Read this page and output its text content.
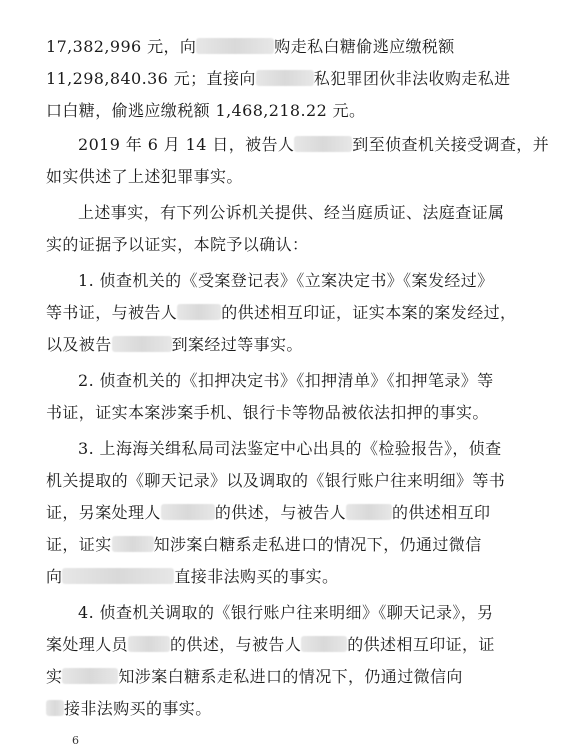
17,382,996 元，向	购走私白糖偷逃应缴税额
11,298,840.36 元；直接向	私犯罪团伙非法收购走私进
口白糖，偷逃应缴税额 1,468,218.22 元。
2019 年 6 月 14 日，被告人	到至侦查机关接受调查，并
如实供述了上述犯罪事实。
上述事实，有下列公诉机关提供、经当庭质证、法庭查证属
实的证据予以证实，本院予以确认：
1. 侦查机关的《受案登记表》《立案决定书》《案发经过》
等书证，与被告人	的供述相互印证，证实本案的案发经过，
以及被告	到案经过等事实。
2. 侦查机关的《扣押决定书》《扣押清单》《扣押笔录》等
书证，证实本案涉案手机、银行卡等物品被依法扣押的事实。
3. 上海海关缉私局司法鉴定中心出具的《检验报告》，侦查
机关提取的《聊天记录》以及调取的《银行账户往来明细》等书
证，另案处理人	的供述，与被告人	的供述相互印
证，证实	知涉案白糖系走私进口的情况下，仍通过微信
向	直接非法购买的事实。
4. 侦查机关调取的《银行账户往来明细》《聊天记录》，另
案处理人员	的供述，与被告人	的供述相互印证，证
实	知涉案白糖系走私进口的情况下，仍通过微信向
接非法购买的事实。
6
